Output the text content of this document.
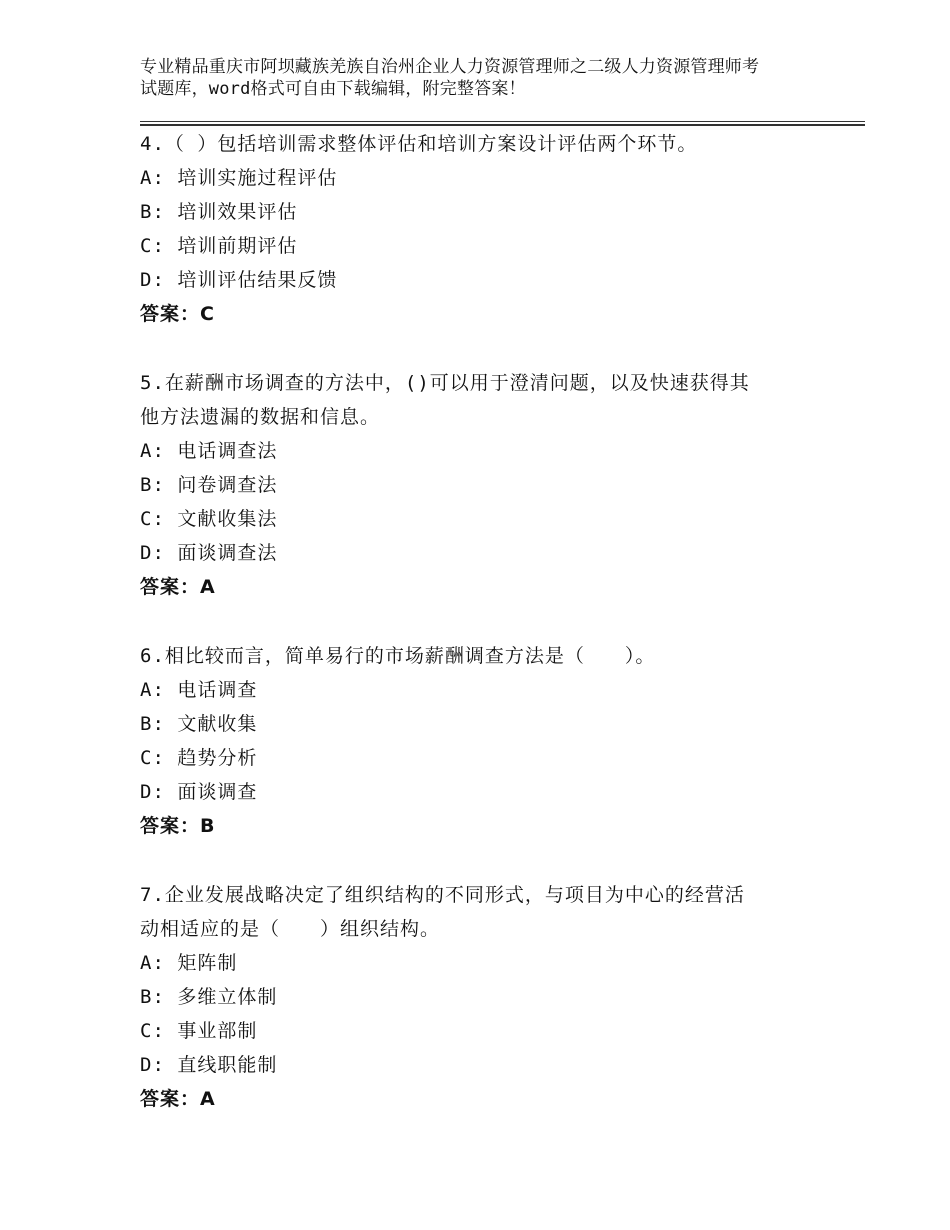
专业精品重庆市阿坝藏族羌族自治州企业人力资源管理师之二级人力资源管理师考
试题库，word格式可自由下载编辑，附完整答案！
4.（ ）包括培训需求整体评估和培训方案设计评估两个环节。
A: 培训实施过程评估
B: 培训效果评估
C: 培训前期评估
D: 培训评估结果反馈
答案：C
5.在薪酬市场调查的方法中，()可以用于澄清问题，以及快速获得其
他方法遗漏的数据和信息。
A: 电话调查法
B: 问卷调查法
C: 文献收集法
D: 面谈调查法
答案：A
6.相比较而言，简单易行的市场薪酬调查方法是（　　）。
A: 电话调查
B: 文献收集
C: 趋势分析
D: 面谈调查
答案：B
7.企业发展战略决定了组织结构的不同形式，与项目为中心的经营活
动相适应的是（　　）组织结构。
A: 矩阵制
B: 多维立体制
C: 事业部制
D: 直线职能制
答案：A
